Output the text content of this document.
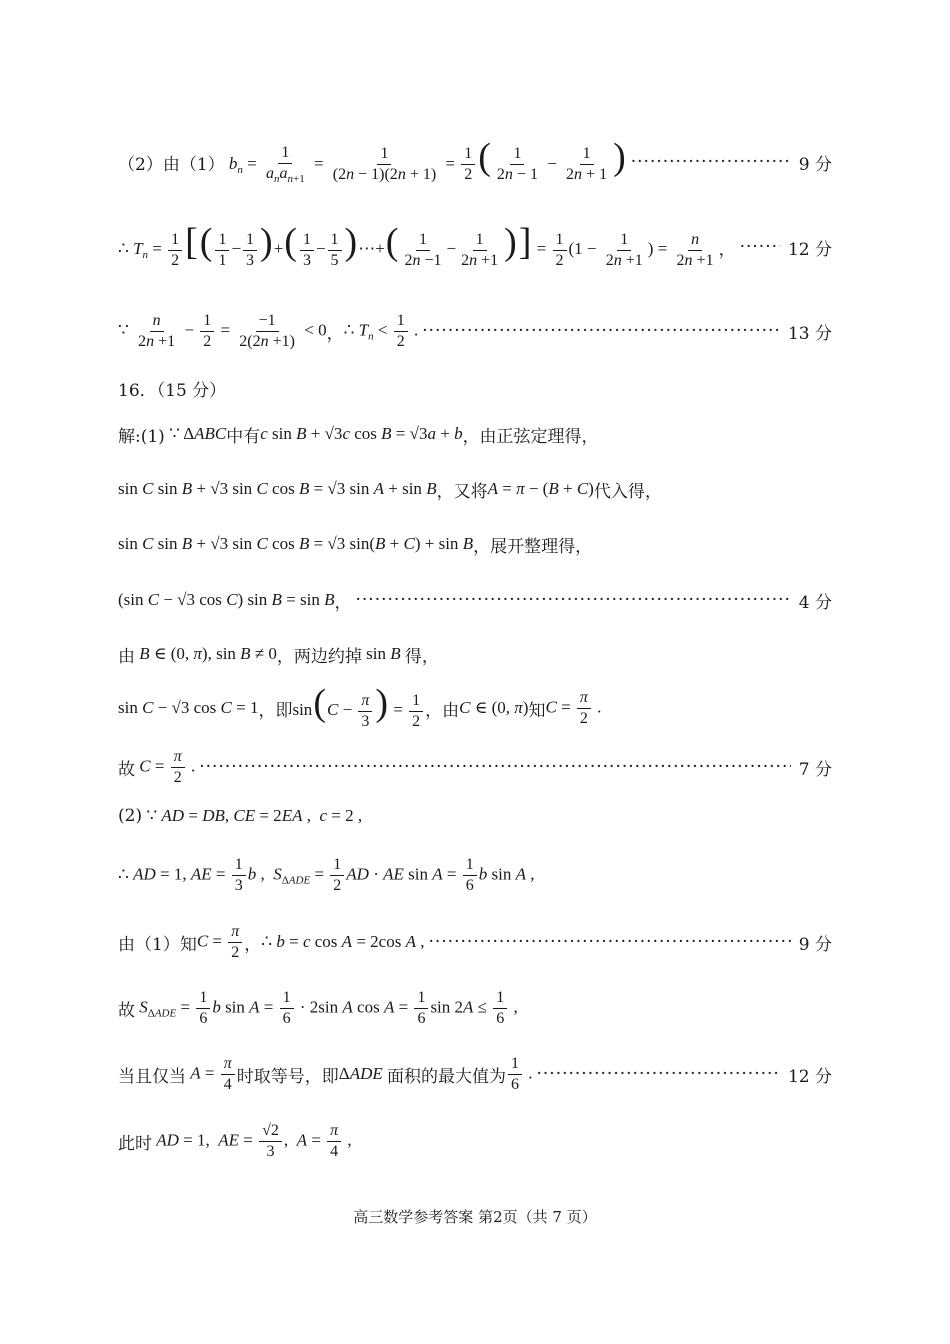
（2）由（1） $b_n = \frac{1}{a_na_{n+1}} = \frac{1}{(2n - 1)(2n + 1)} = \frac{1}{2}$ ( $\frac{1}{2n - 1} - \frac{1}{2n + 1}$ ) ·····	9 分
∴ $T_n = \frac{1}{2}$ [( $\frac{1}{1} - \frac{1}{3}$ )+( $\frac{1}{3} - \frac{1}{5}$ )⋯+( $\frac{1}{2n -1} - \frac{1}{2n +1}$ )] = $\frac{1}{2} (1 - \frac{1}{2n +1}$ ) = $\frac{n}{2n +1}$ ， ·····	12 分
∵ $\frac{n}{2n +1} - \frac{1}{2} = \frac{-1}{2(2n +1)} < 0$ ， ∴ $T_n < \frac{1}{2}$ . ·····	13 分
16．（15 分）
解:(1) ∵ ΔABC 中有 c sin B + √3c cos B = √3a + b ，由正弦定理得，
sin C sin B + √3 sin C cos B = √3 sin A + sin B ，又将 A = π − (B + C) 代入得，
sin C sin B + √3 sin C cos B = √3 sin(B + C) + sin B ，展开整理得，
(sin C − √3 cos C) sin B = sin B ， ·····	4 分
由 B ∈ (0, π), sin B ≠ 0 ，两边约掉 sin B 得，
sin C − √3 cos C = 1 ，即 $\sin(C - \frac{\pi}{3}$ ) = $\frac{1}{2}$ ，由 C ∈ (0, π) 知 $C = \frac{\pi}{2}$ .
故 $C = \frac{\pi}{2}$ . ·····	7 分
(2) ∵ AD = DB, CE = 2EA ,  c = 2 ,
∴ AD = 1, AE = $\frac{1}{3}$ b ,  $S_{\Delta ADE} = \frac{1}{2}$ AD · AE $\sin A = \frac{1}{6}$ b sin A ,
由（1）知 $C = \frac{\pi}{2}$ ， ∴ b = c cos A = 2cos A , ·····	9 分
故 $S_{\Delta ADE} = \frac{1}{6}$ b $\sin A = \frac{1}{6} \cdot 2\sin$ A $\cos A = \frac{1}{6}$ $\sin 2A \le \frac{1}{6}$ ,
当且仅当 $A = \frac{\pi}{4}$ 时取等号，即 ΔADE 面积的最大值为 $\frac{1}{6}$ . ·····	12 分
此时 AD = 1,  AE = $\frac{√2}{3}$ ,  $A = \frac{\pi}{4}$ ,
高三数学参考答案 第2页（共 7 页）
